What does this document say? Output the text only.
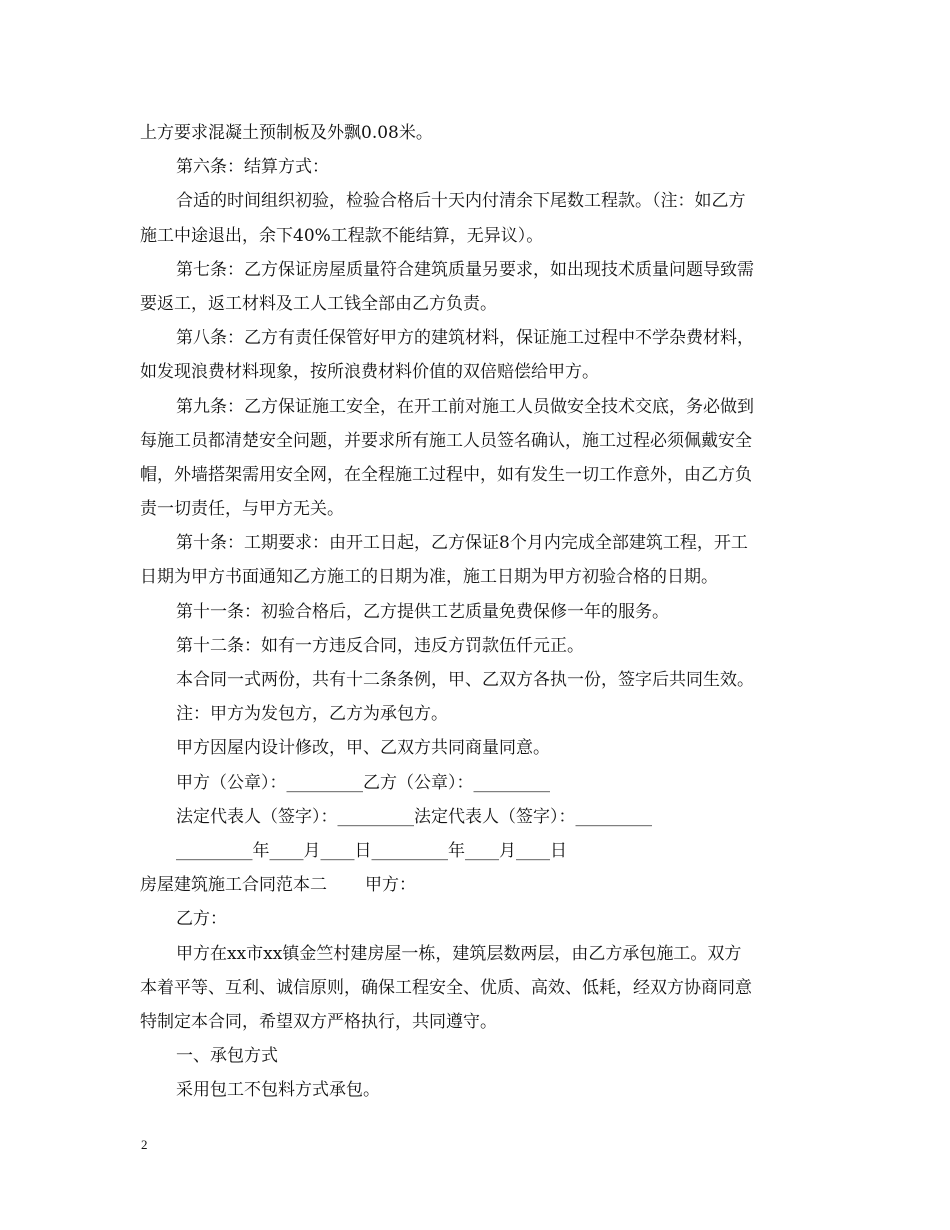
上方要求混凝土预制板及外飘0.08米。
第六条：结算方式：
合适的时间组织初验，检验合格后十天内付清余下尾数工程款。（注：如乙方
施工中途退出，余下40%工程款不能结算，无异议）。
第七条：乙方保证房屋质量符合建筑质量另要求，如出现技术质量问题导致需
要返工，返工材料及工人工钱全部由乙方负责。
第八条：乙方有责任保管好甲方的建筑材料，保证施工过程中不学杂费材料，
如发现浪费材料现象，按所浪费材料价值的双倍赔偿给甲方。
第九条：乙方保证施工安全，在开工前对施工人员做安全技术交底，务必做到
每施工员都清楚安全问题，并要求所有施工人员签名确认，施工过程必须佩戴安全
帽，外墙搭架需用安全网，在全程施工过程中，如有发生一切工作意外，由乙方负
责一切责任，与甲方无关。
第十条：工期要求：由开工日起，乙方保证8个月内完成全部建筑工程，开工
日期为甲方书面通知乙方施工的日期为准，施工日期为甲方初验合格的日期。
第十一条：初验合格后，乙方提供工艺质量免费保修一年的服务。
第十二条：如有一方违反合同，违反方罚款伍仟元正。
本合同一式两份，共有十二条条例，甲、乙双方各执一份，签字后共同生效。
注：甲方为发包方，乙方为承包方。
甲方因屋内设计修改，甲、乙双方共同商量同意。
甲方（公章）：_________乙方（公章）：_________
法定代表人（签字）：_________法定代表人（签字）：_________
_________年____月____日_________年____月____日
房屋建筑施工合同范本二 甲方：
乙方：
甲方在xx市xx镇金竺村建房屋一栋，建筑层数两层，由乙方承包施工。双方
本着平等、互利、诚信原则，确保工程安全、优质、高效、低耗，经双方协商同意
特制定本合同，希望双方严格执行，共同遵守。
一、承包方式
采用包工不包料方式承包。
2
